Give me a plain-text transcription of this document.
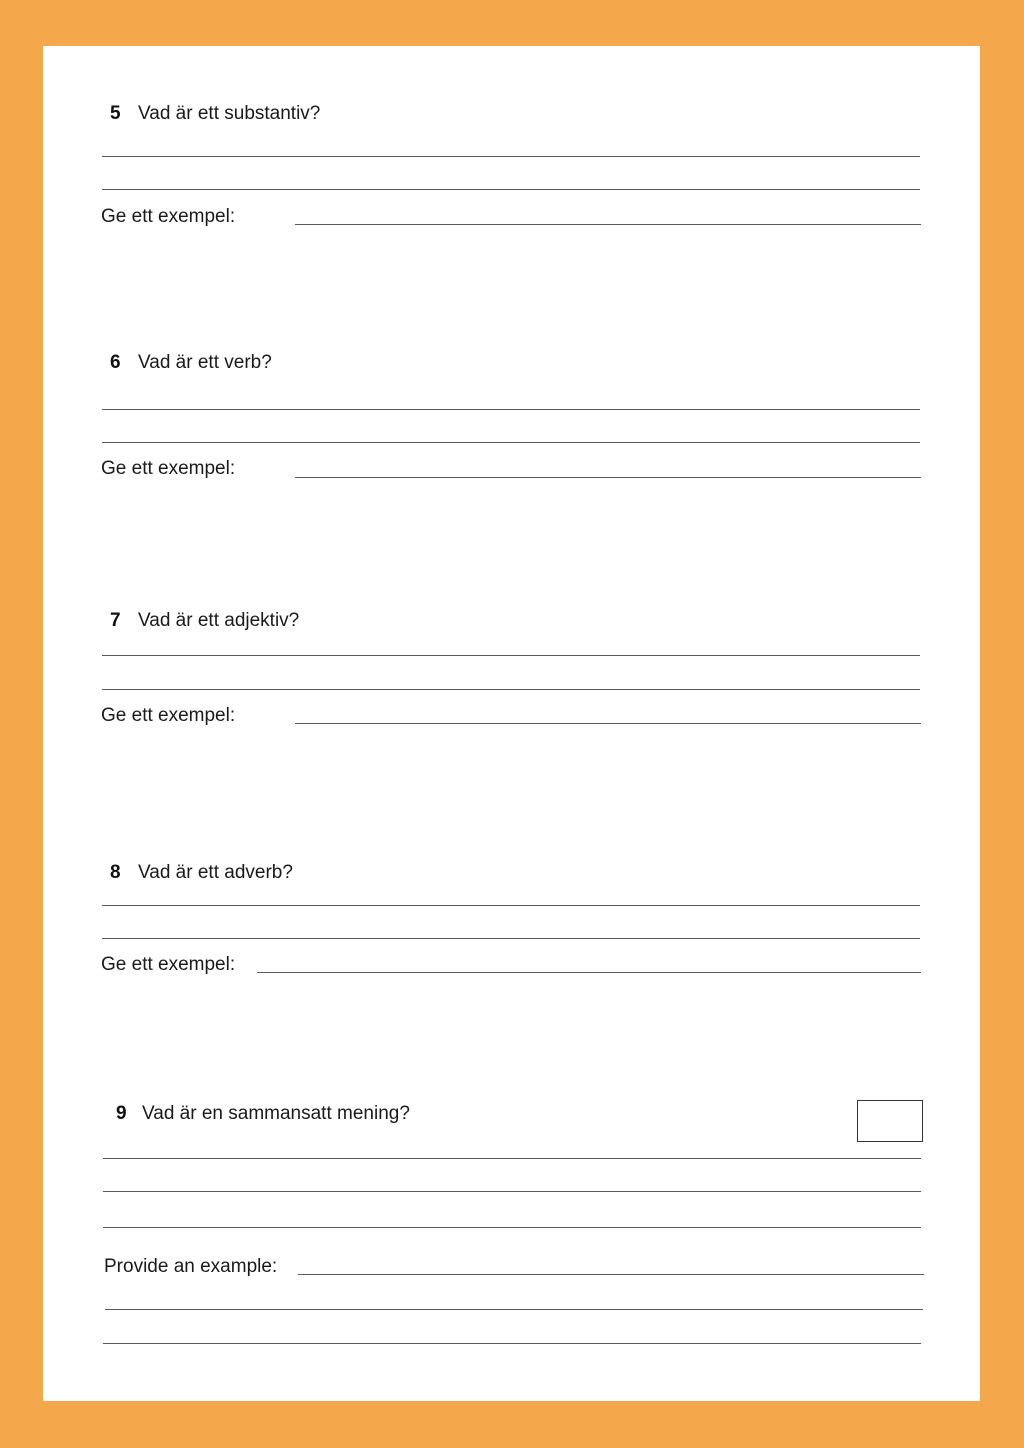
5 Vad är ett substantiv?
Ge ett exempel:
6 Vad är ett verb?
Ge ett exempel:
7 Vad är ett adjektiv?
Ge ett exempel:
8 Vad är ett adverb?
Ge ett exempel:
9 Vad är en sammansatt mening?
Provide an example:
